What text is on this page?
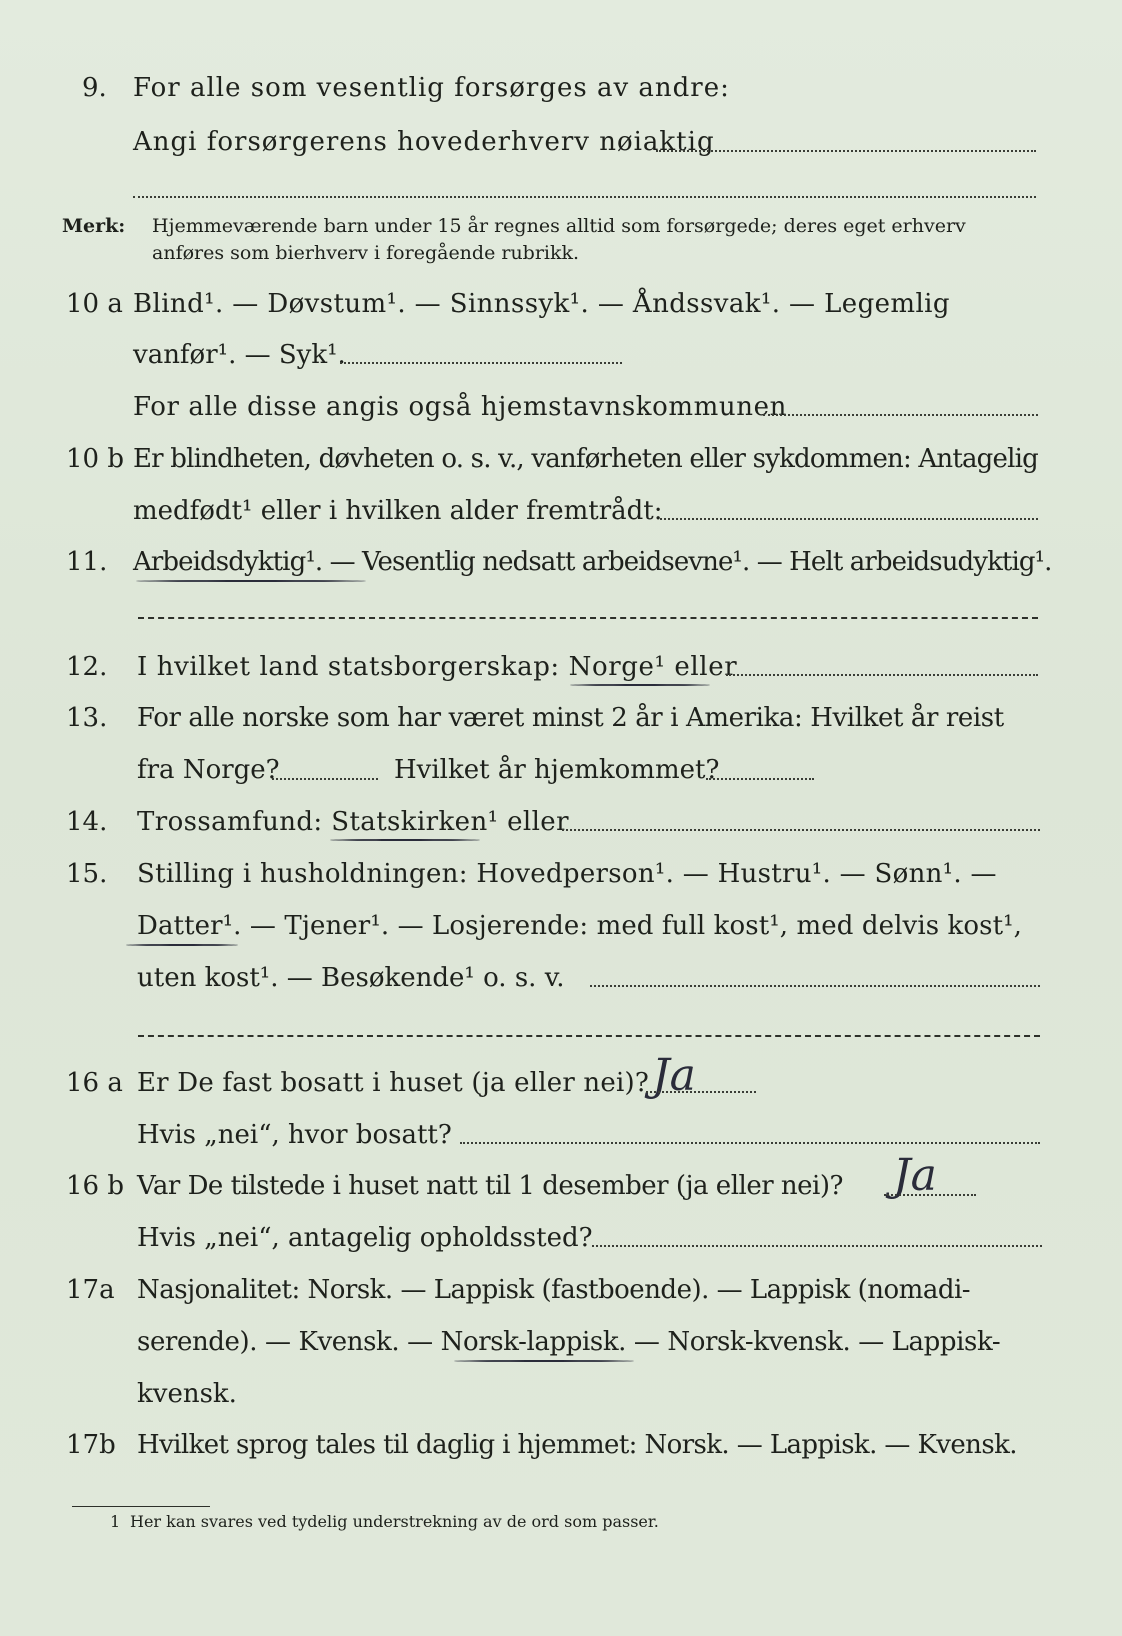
9. For alle som vesentlig forsørges av andre:
Angi forsørgerens hovederhverv nøiaktig
Merk: Hjemmeværende barn under 15 år regnes alltid som forsørgede; deres eget erhverv
anføres som bierhverv i foregående rubrikk.
10 a Blind¹. — Døvstum¹. — Sinnssyk¹. — Åndssvak¹. — Legemlig
vanfør¹. — Syk¹.
For alle disse angis også hjemstavnskommunen
10 b Er blindheten, døvheten o. s. v., vanførheten eller sykdommen: Antagelig
medfødt¹ eller i hvilken alder fremtrådt:
11. Arbeidsdyktig¹. — Vesentlig nedsatt arbeidsevne¹. — Helt arbeidsudyktig¹.
12. I hvilket land statsborgerskap: Norge¹ eller
13. For alle norske som har været minst 2 år i Amerika: Hvilket år reist
fra Norge?	Hvilket år hjemkommet?
14. Trossamfund: Statskirken¹ eller
15. Stilling i husholdningen: Hovedperson¹. — Hustru¹. — Sønn¹. —
Datter¹. — Tjener¹. — Losjerende: med full kost¹, med delvis kost¹,
uten kost¹. — Besøkende¹ o. s. v.
16 a Er De fast bosatt i huset (ja eller nei)? Ja
Hvis „nei“, hvor bosatt?
16 b Var De tilstede i huset natt til 1 desember (ja eller nei)? Ja
Hvis „nei“, antagelig opholdssted?
17a Nasjonalitet: Norsk. — Lappisk (fastboende). — Lappisk (nomadi-
serende). — Kvensk. — Norsk-lappisk. — Norsk-kvensk. — Lappisk-
kvensk.
17b Hvilket sprog tales til daglig i hjemmet: Norsk. — Lappisk. — Kvensk.
1 Her kan svares ved tydelig understrekning av de ord som passer.
